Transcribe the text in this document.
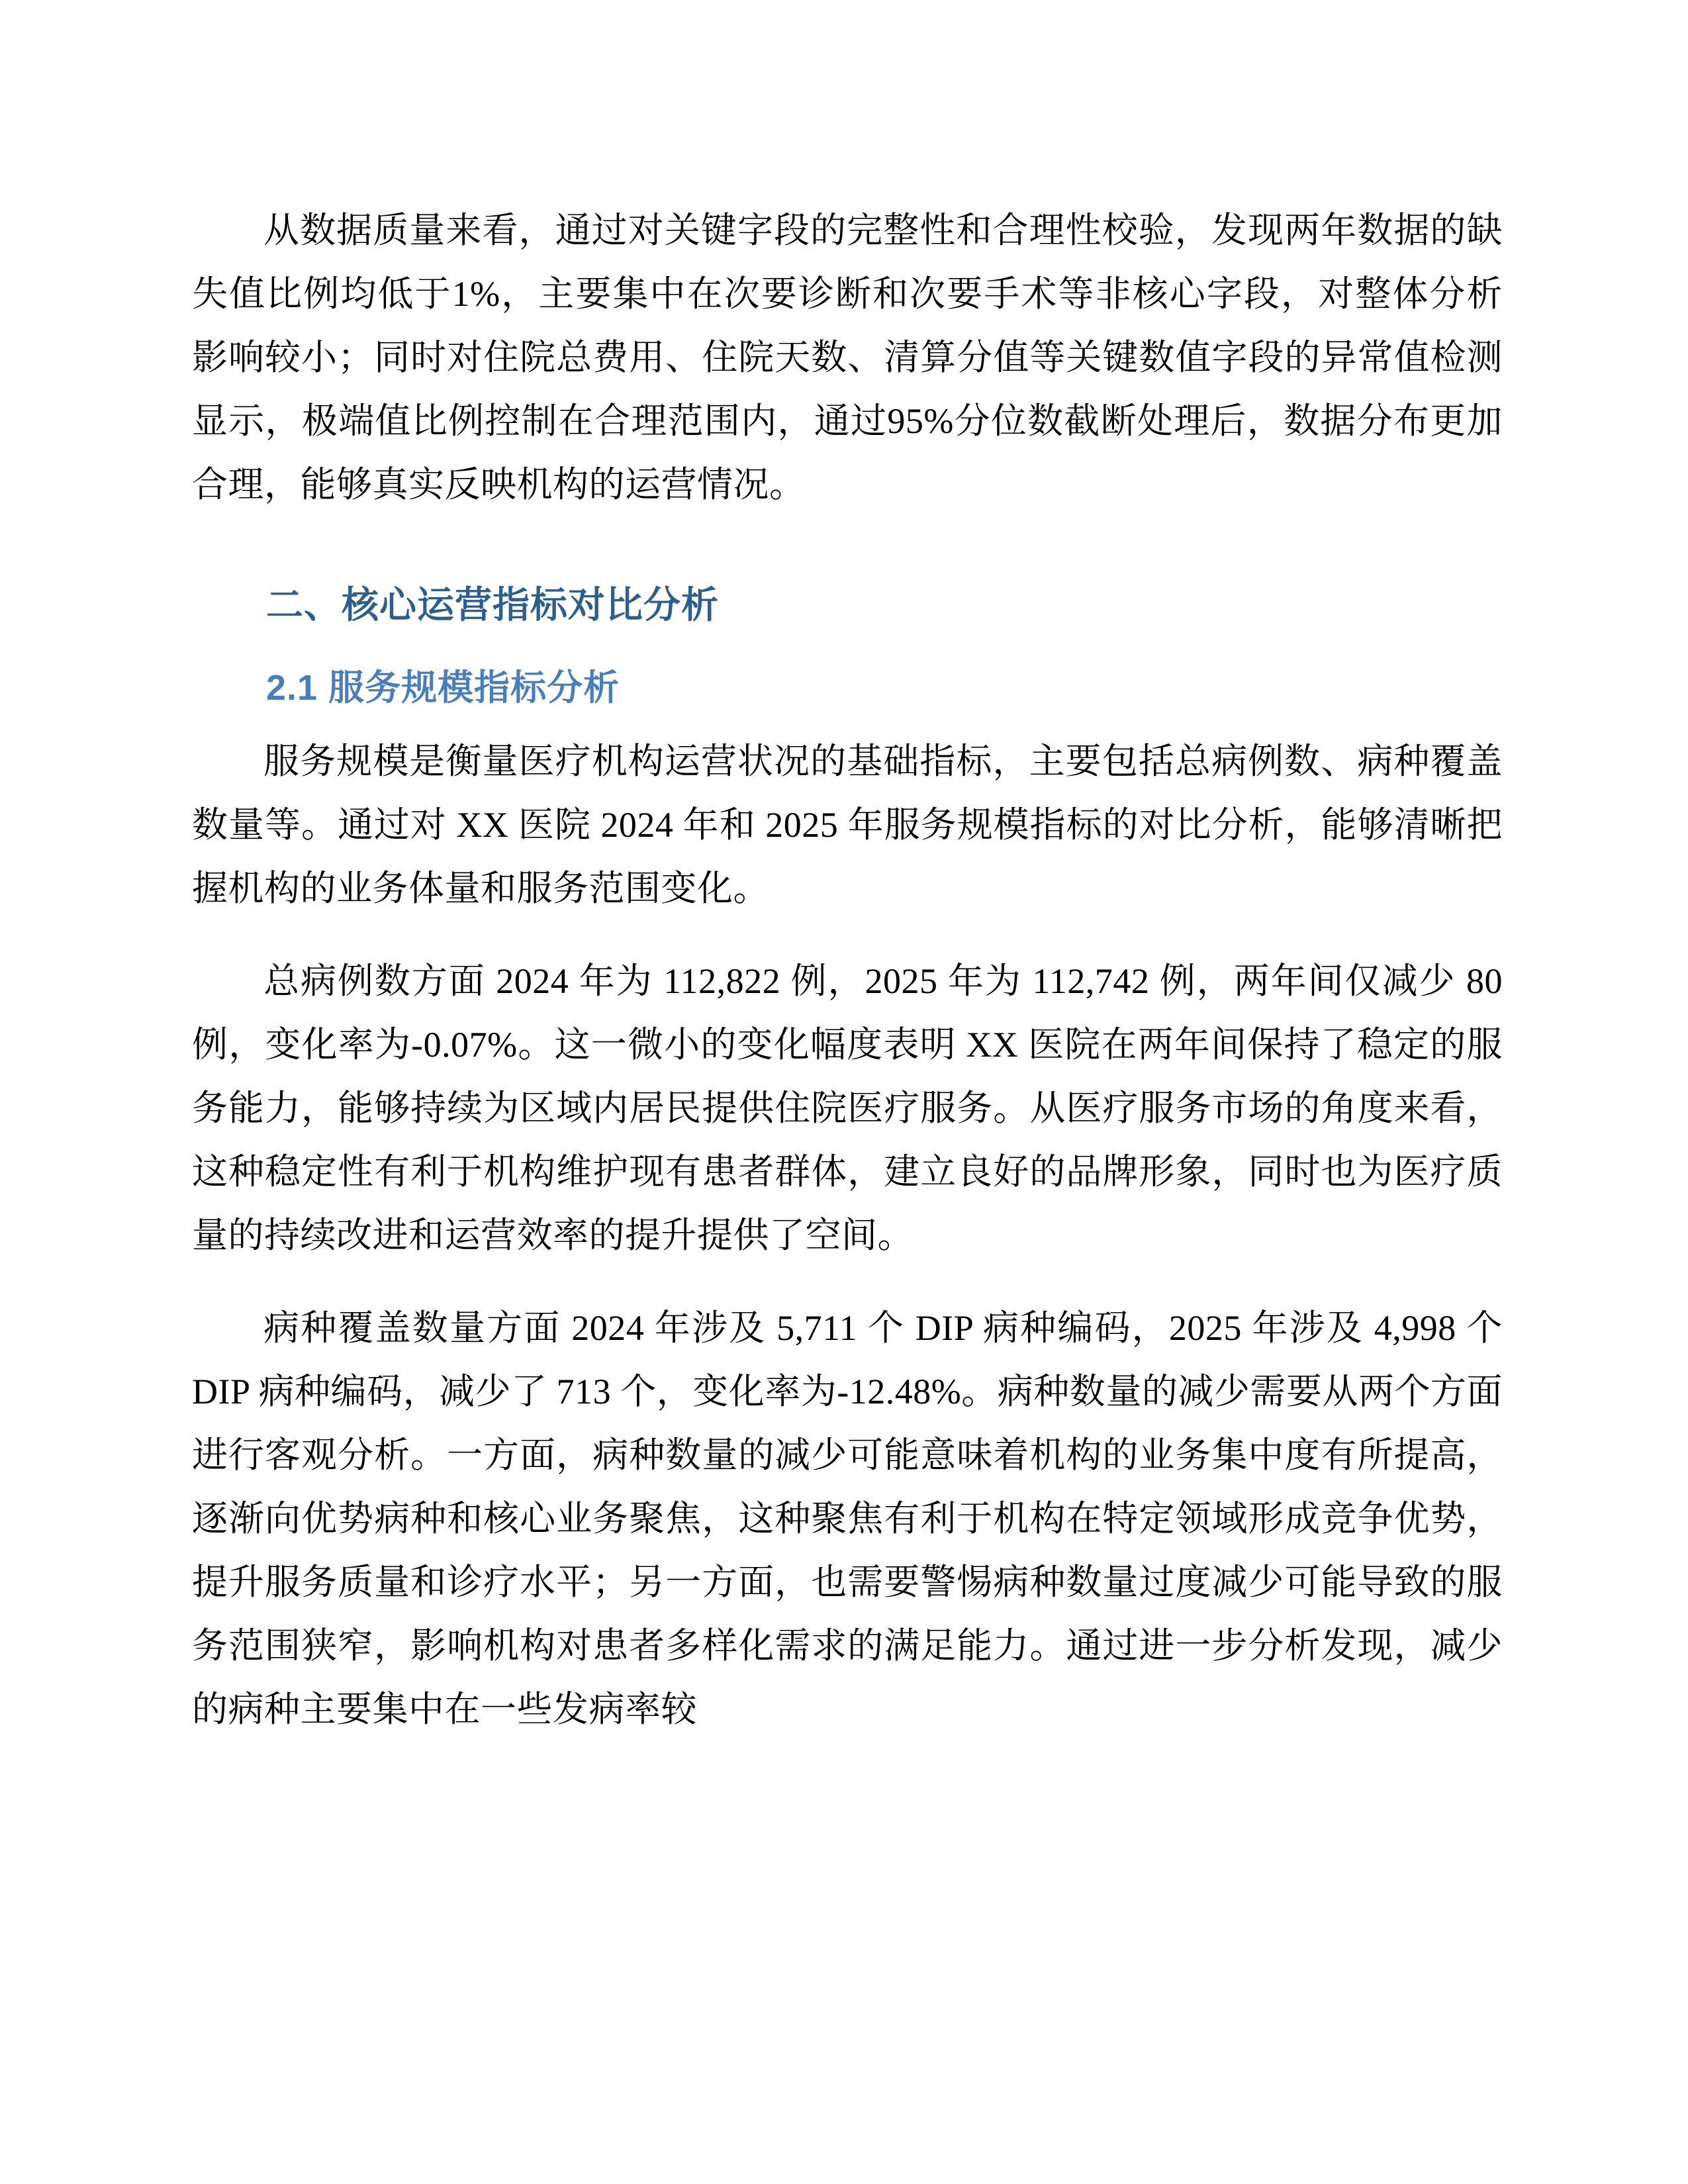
从数据质量来看，通过对关键字段的完整性和合理性校验，发现两年数据的缺失值比例均低于1%，主要集中在次要诊断和次要手术等非核心字段，对整体分析影响较小；同时对住院总费用、住院天数、清算分值等关键数值字段的异常值检测显示，极端值比例控制在合理范围内，通过95%分位数截断处理后，数据分布更加合理，能够真实反映机构的运营情况。

二、核心运营指标对比分析
2.1 服务规模指标分析

服务规模是衡量医疗机构运营状况的基础指标，主要包括总病例数、病种覆盖数量等。通过对 XX 医院 2024 年和 2025 年服务规模指标的对比分析，能够清晰把握机构的业务体量和服务范围变化。

总病例数方面 2024 年为 112,822 例，2025 年为 112,742 例，两年间仅减少 80 例，变化率为-0.07%。这一微小的变化幅度表明 XX 医院在两年间保持了稳定的服务能力，能够持续为区域内居民提供住院医疗服务。从医疗服务市场的角度来看，这种稳定性有利于机构维护现有患者群体，建立良好的品牌形象，同时也为医疗质量的持续改进和运营效率的提升提供了空间。

病种覆盖数量方面 2024 年涉及 5,711 个 DIP 病种编码，2025 年涉及 4,998 个 DIP 病种编码，减少了 713 个，变化率为-12.48%。病种数量的减少需要从两个方面进行客观分析。一方面，病种数量的减少可能意味着机构的业务集中度有所提高，逐渐向优势病种和核心业务聚焦，这种聚焦有利于机构在特定领域形成竞争优势，提升服务质量和诊疗水平；另一方面，也需要警惕病种数量过度减少可能导致的服务范围狭窄，影响机构对患者多样化需求的满足能力。通过进一步分析发现，减少的病种主要集中在一些发病率较
